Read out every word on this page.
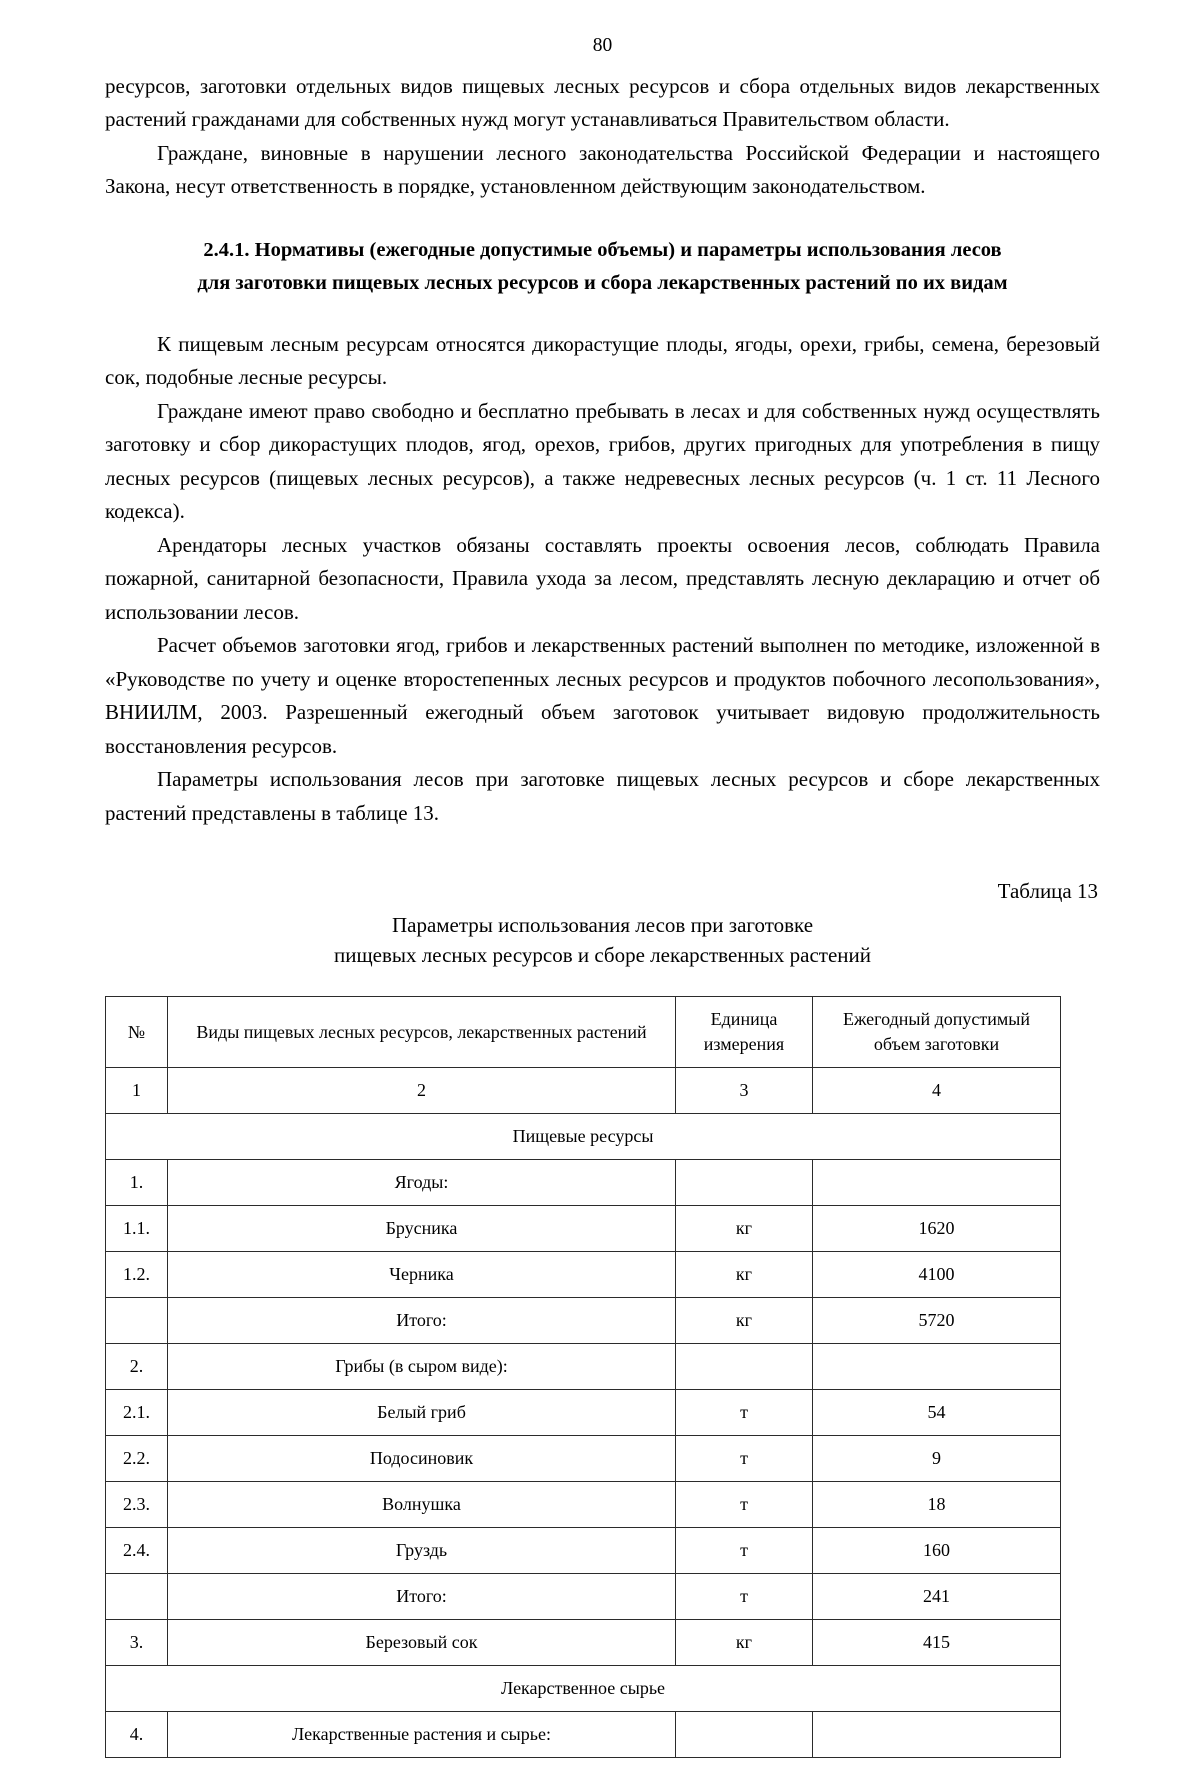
80

ресурсов, заготовки отдельных видов пищевых лесных ресурсов и сбора отдельных видов лекарственных растений гражданами для собственных нужд могут устанавливаться Правительством области.

Граждане, виновные в нарушении лесного законодательства Российской Федерации и настоящего Закона, несут ответственность в порядке, установленном действующим законодательством.

2.4.1. Нормативы (ежегодные допустимые объемы) и параметры использования лесов
для заготовки пищевых лесных ресурсов и сбора лекарственных растений по их видам

К пищевым лесным ресурсам относятся дикорастущие плоды, ягоды, орехи, грибы, семена, березовый сок, подобные лесные ресурсы.

Граждане имеют право свободно и бесплатно пребывать в лесах и для собственных нужд осуществлять заготовку и сбор дикорастущих плодов, ягод, орехов, грибов, других пригодных для употребления в пищу лесных ресурсов (пищевых лесных ресурсов), а также недревесных лесных ресурсов (ч. 1 ст. 11 Лесного кодекса).

Арендаторы лесных участков обязаны составлять проекты освоения лесов, соблюдать Правила пожарной, санитарной безопасности, Правила ухода за лесом, представлять лесную декларацию и отчет об использовании лесов.

Расчет объемов заготовки ягод, грибов и лекарственных растений выполнен по методике, изложенной в «Руководстве по учету и оценке второстепенных лесных ресурсов и продуктов побочного лесопользования», ВНИИЛМ, 2003. Разрешенный ежегодный объем заготовок учитывает видовую продолжительность восстановления ресурсов.

Параметры использования лесов при заготовке пищевых лесных ресурсов и сборе лекарственных растений представлены в таблице 13.

Таблица 13
Параметры использования лесов при заготовке
пищевых лесных ресурсов и сборе лекарственных растений
№	Виды пищевых лесных ресурсов, лекарственных растений	Единица измерения	Ежегодный допустимый объем заготовки
1	2	3	4
Пищевые ресурсы			
1.	Ягоды:		
1.1.	Брусника	кг	1620
1.2.	Черника	кг	4100
	Итого:	кг	5720
2.	Грибы (в сыром виде):		
2.1.	Белый гриб	т	54
2.2.	Подосиновик	т	9
2.3.	Волнушка	т	18
2.4.	Груздь	т	160
	Итого:	т	241
3.	Березовый сок	кг	415
Лекарственное сырье			
4.	Лекарственные растения и сырье:		
